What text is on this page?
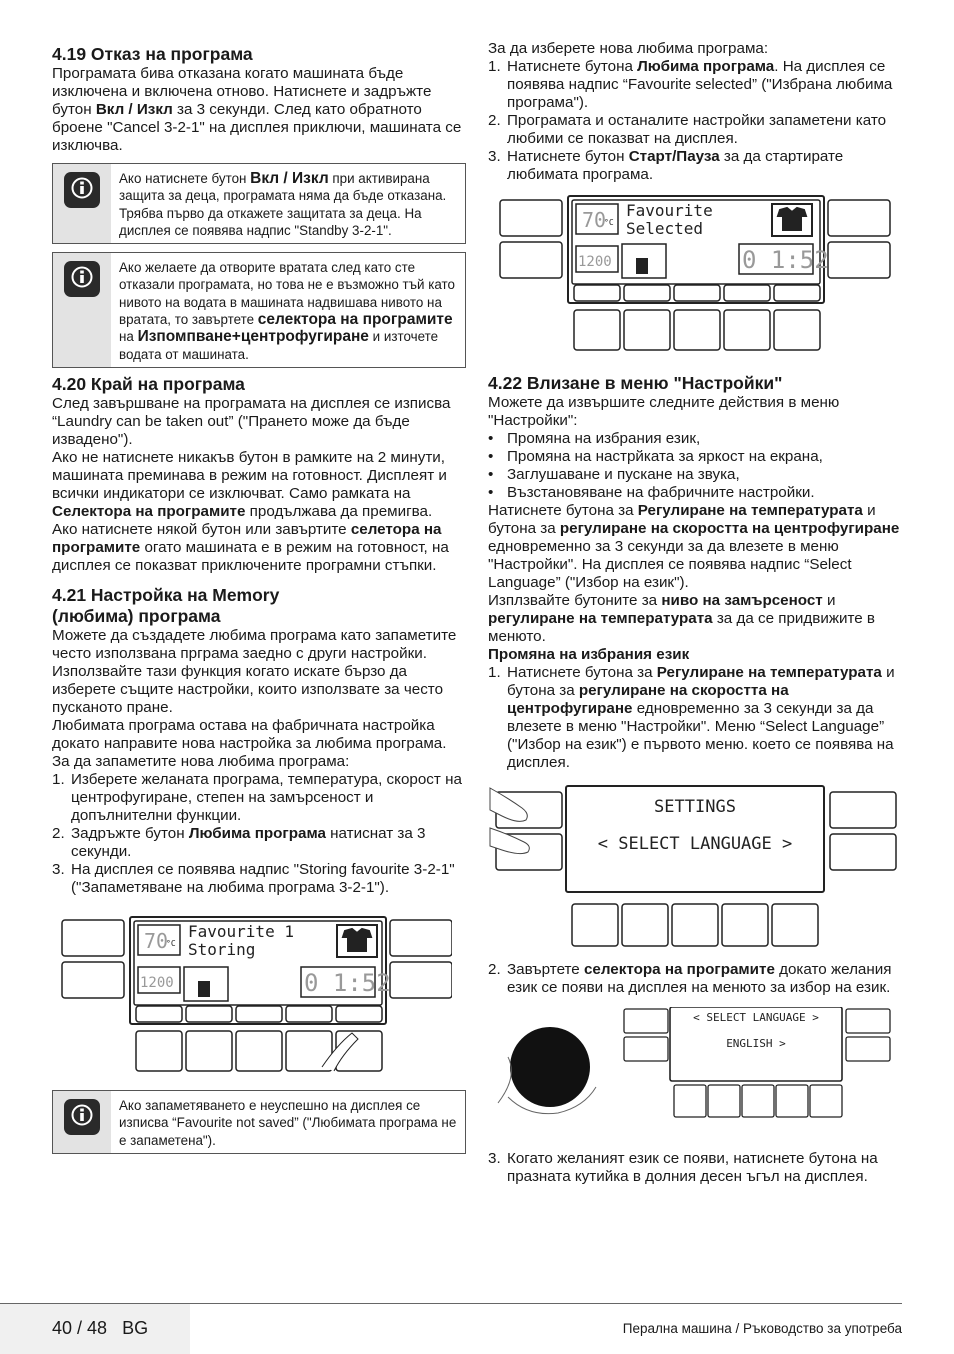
4.19 Отказ на програма

Програмата бива отказана когато машината бъде изключена и включена отново. Натиснете и задръжте бутон Вкл / Изкл за 3 секунди. След като обратното броене "Cancel 3-2-1" на дисплея приключи, машината се изключва.

Ако натиснете бутон Вкл / Изкл при активирана защита за деца, програмата няма да бъде отказана. Трябва първо да откажете защитата за деца. На дисплея се появява надпис "Standby 3-2-1".
Ако желаете да отворите вратата след като сте отказали програмата, но това не е възможно тъй като нивото на водата в машината надвишава нивото на вратата, то завъртете селектора на програмите на Изпомпване+центрофугиране и източете водата от машината.
4.20 Край на програма

След завършване на програмата на дисплея се изписва “Laundry can be taken out” ("Прането може да бъде извадено").

Ако не натиснете никакъв бутон в рамките на 2 минути, машината преминава в режим на готовност. Дисплеят и всички индикатори се изключват. Само рамката на Селектора на програмите продължава да премигва.

Ако натиснете някой бутон или завъртите селетора на програмите огато машината е в режим на готовност, на дисплея се показват приключените програмни стъпки.

4.21 Настройка на Memory
(любима) програма

Можете да създадете любима програма като запаметите често използвана пргрaма заедно с други настройки. Използвайте тази функция когато искате бързо да изберете същите настройки, които използвате за често пусканото пране.

Любимата програма остава на фабричната настройка докато направите нова настройка за любима програма.

За да запаметите нова любима програма:

1. Изберете желаната програма, температура, скорост на центрофугиране, степен на замърсеност и допълнителни функции.
2. Задръжте бутон Любима програма натиснат за 3 секунди.
3. На дисплея се появява надпис "Storing favourite 3-2-1" ("Запаметяване на любима програма 3-2-1").
70
°C
1200
Favourite 1
Storing
0 1:52
Ако запаметяването е неуспешно на дисплея се изписва “Favourite not saved” ("Любимата програма не е запаметена").

За да изберете нова любима програма:

1. Натиснете бутона Любима програма. На дисплея се появява надпис “Favourite selected” ("Избрана любима програма").
2. Програмата и останалите настройки запаметени като любими се показват на дисплея.
3. Натиснете бутон Старт/Пауза за да стартирате любимата програма.
70
°C
1200
Favourite
Selected
0 1:52
4.22 Влизане в меню "Настройки"

Можете да извършите следните действия в меню "Настройки":

• Промяна на избрания език,
• Промяна на настрйката за яркост на екрана,
• Заглушаване и пускане на звука,
• Възстановяване на фабричните настройки.

Натиснете бутона за Регулиране на температурата и бутона за регулиране на скоростта на центрофугиране едновременно за 3 секунди за да влезете в меню "Настройки". На дисплея се появява надпис “Select Language” ("Избор на език").

Изплзвайте бутоните за ниво на замърсеност и регулиране на температурата за да се придвижите в менюто.

Промяна на избрания език

1. Натиснете бутона за Регулиране на температурата и бутона за регулиране на скоростта на центрофугиране едновременно за 3 секунди за да влезете в меню "Настройки". Меню “Select Language” ("Избор на език") е първото меню. което се появява на дисплея.
SETTINGS
< SELECT LANGUAGE >
2. Завъртете селектора на програмите докато желания език се появи на дисплея на менюто за избор на език.
< SELECT LANGUAGE >
ENGLISH >
3. Когато желаният език се появи, натиснете бутона на празната кутийка в долния десен ъгъл на дисплея.
40 / 48 BG	Перална машина / Ръководство за употреба
